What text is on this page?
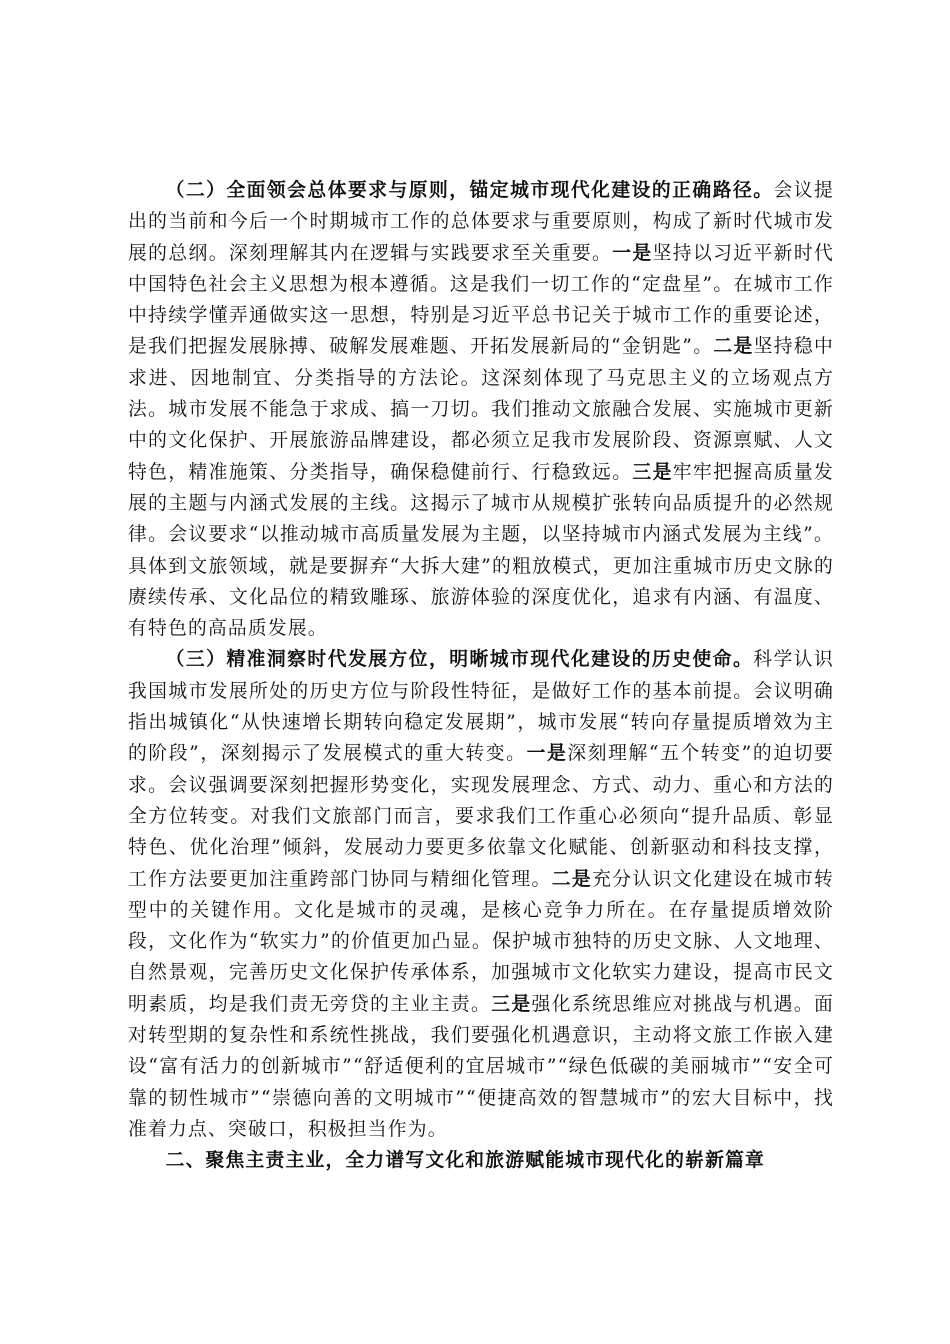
（二）全面领会总体要求与原则，锚定城市现代化建设的正确路径。会议提出的当前和今后一个时期城市工作的总体要求与重要原则，构成了新时代城市发展的总纲。深刻理解其内在逻辑与实践要求至关重要。一是坚持以习近平新时代中国特色社会主义思想为根本遵循。这是我们一切工作的“定盘星”。在城市工作中持续学懂弄通做实这一思想，特别是习近平总书记关于城市工作的重要论述，是我们把握发展脉搏、破解发展难题、开拓发展新局的“金钥匙”。二是坚持稳中求进、因地制宜、分类指导的方法论。这深刻体现了马克思主义的立场观点方法。城市发展不能急于求成、搞一刀切。我们推动文旅融合发展、实施城市更新中的文化保护、开展旅游品牌建设，都必须立足我市发展阶段、资源禀赋、人文特色，精准施策、分类指导，确保稳健前行、行稳致远。三是牢牢把握高质量发展的主题与内涵式发展的主线。这揭示了城市从规模扩张转向品质提升的必然规律。会议要求“以推动城市高质量发展为主题，以坚持城市内涵式发展为主线”。具体到文旅领域，就是要摒弃“大拆大建”的粗放模式，更加注重城市历史文脉的赓续传承、文化品位的精致雕琢、旅游体验的深度优化，追求有内涵、有温度、有特色的高品质发展。

（三）精准洞察时代发展方位，明晰城市现代化建设的历史使命。科学认识我国城市发展所处的历史方位与阶段性特征，是做好工作的基本前提。会议明确指出城镇化“从快速增长期转向稳定发展期”，城市发展“转向存量提质增效为主的阶段”，深刻揭示了发展模式的重大转变。一是深刻理解“五个转变”的迫切要求。会议强调要深刻把握形势变化，实现发展理念、方式、动力、重心和方法的全方位转变。对我们文旅部门而言，要求我们工作重心必须向“提升品质、彰显特色、优化治理”倾斜，发展动力要更多依靠文化赋能、创新驱动和科技支撑，工作方法要更加注重跨部门协同与精细化管理。二是充分认识文化建设在城市转型中的关键作用。文化是城市的灵魂，是核心竞争力所在。在存量提质增效阶段，文化作为“软实力”的价值更加凸显。保护城市独特的历史文脉、人文地理、自然景观，完善历史文化保护传承体系，加强城市文化软实力建设，提高市民文明素质，均是我们责无旁贷的主业主责。三是强化系统思维应对挑战与机遇。面对转型期的复杂性和系统性挑战，我们要强化机遇意识，主动将文旅工作嵌入建设“富有活力的创新城市”“舒适便利的宜居城市”“绿色低碳的美丽城市”“安全可靠的韧性城市”“崇德向善的文明城市”“便捷高效的智慧城市”的宏大目标中，找准着力点、突破口，积极担当作为。

二、聚焦主责主业，全力谱写文化和旅游赋能城市现代化的崭新篇章
